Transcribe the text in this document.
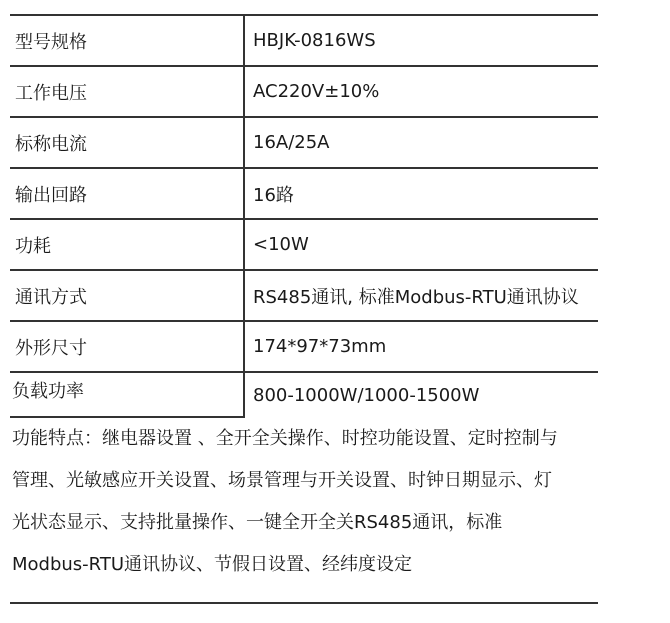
型号规格	HBJK-0816WS
工作电压	AC220V±10%
标称电流	16A/25A
输出回路	16路
功耗	<10W
通讯方式	RS485通讯, 标准Modbus-RTU通讯协议
外形尺寸	174*97*73mm
负载功率	800-1000W/1000-1500W

功能特点：继电器设置 、全开全关操作、时控功能设置、定时控制与
管理、光敏感应开关设置、场景管理与开关设置、时钟日期显示、灯
光状态显示、支持批量操作、一键全开全关RS485通讯，标准
Modbus-RTU通讯协议、节假日设置、经纬度设定
